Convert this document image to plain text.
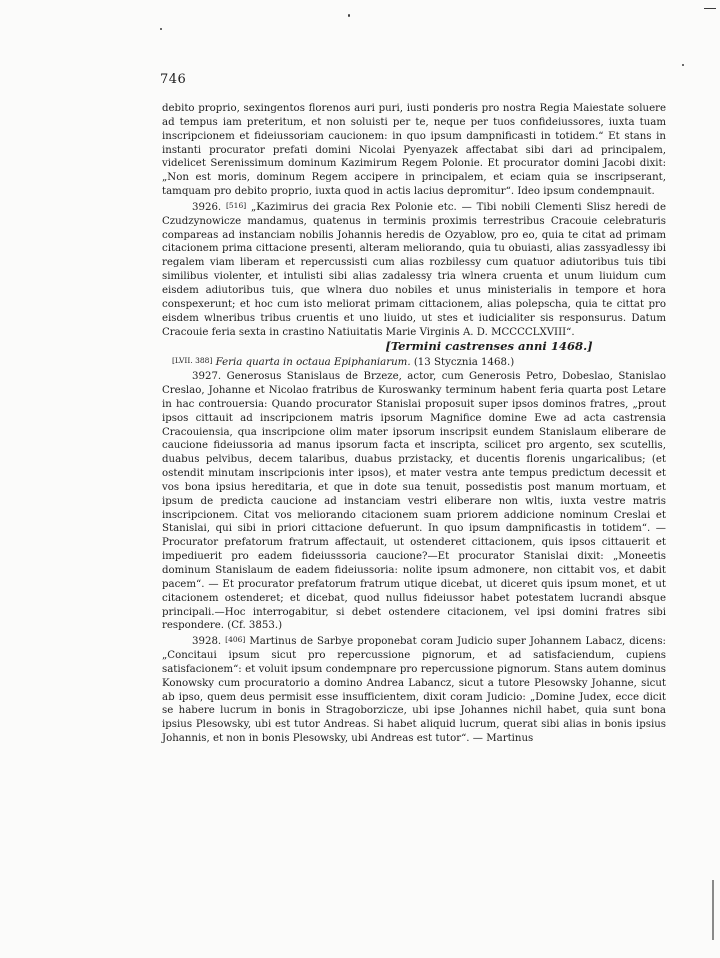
746

debito proprio, sexingentos florenos auri puri, iusti ponderis pro nostra Regia Maiestate soluere ad tempus iam preteritum, et non soluisti per te, neque per tuos confideiussores, iuxta tuam inscripcionem et fideiussoriam caucionem: in quo ipsum dampnificasti in totidem.“ Et stans in instanti procurator prefati domini Nicolai Pyenyazek affectabat sibi dari ad principalem, videlicet Serenissimum dominum Kazimirum Regem Polonie. Et procurator domini Jacobi dixit: „Non est moris, dominum Regem accipere in principalem, et eciam quia se inscripserant, tamquam pro debito proprio, iuxta quod in actis lacius depromitur“. Ideo ipsum condempnauit.

3926. [516] „Kazimirus dei gracia Rex Polonie etc. — Tibi nobili Clementi Slisz heredi de Czudzynowicze mandamus, quatenus in terminis proximis terrestribus Cracouie celebraturis compareas ad instanciam nobilis Johannis heredis de Ozyablow, pro eo, quia te citat ad primam citacionem prima cittacione presenti, alteram meliorando, quia tu obuiasti, alias zassyadlessy ibi regalem viam liberam et repercussisti cum alias rozbilessy cum quatuor adiutoribus tuis tibi similibus violenter, et intulisti sibi alias zadalessy tria wlnera cruenta et unum liuidum cum eisdem adiutoribus tuis, que wlnera duo nobiles et unus ministerialis in tempore et hora conspexerunt; et hoc cum isto meliorat primam cittacionem, alias polepscha, quia te cittat pro eisdem wlneribus tribus cruentis et uno liuido, ut stes et iudicialiter sis responsurus. Datum Cracouie feria sexta in crastino Natiuitatis Marie Virginis A. D. MCCCCLXVIII“.

[Termini castrenses anni 1468.]

[LVII. 388] Feria quarta in octaua Epiphaniarum. (13 Stycznia 1468.)

3927. Generosus Stanislaus de Brzeze, actor, cum Generosis Petro, Dobeslao, Stanislao Creslao, Johanne et Nicolao fratribus de Kuroswanky terminum habent feria quarta post Letare in hac controuersia: Quando procurator Stanislai proposuit super ipsos dominos fratres, „prout ipsos cittauit ad inscripcionem matris ipsorum Magnifice domine Ewe ad acta castrensia Cracouiensia, qua inscripcione olim mater ipsorum inscripsit eundem Stanislaum eliberare de caucione fideiussoria ad manus ipsorum facta et inscripta, scilicet pro argento, sex scutellis, duabus pelvibus, decem talaribus, duabus przistacky, et ducentis florenis ungaricalibus; (et ostendit minutam inscripcionis inter ipsos), et mater vestra ante tempus predictum decessit et vos bona ipsius hereditaria, et que in dote sua tenuit, possedistis post manum mortuam, et ipsum de predicta caucione ad instanciam vestri eliberare non wltis, iuxta vestre matris inscripcionem. Citat vos meliorando citacionem suam priorem addicione nominum Creslai et Stanislai, qui sibi in priori cittacione defuerunt. In quo ipsum dampnificastis in totidem“. — Procurator prefatorum fratrum affectauit, ut ostenderet cittacionem, quis ipsos cittauerit et impediuerit pro eadem fideiusssoria caucione?—Et procurator Stanislai dixit: „Moneetis dominum Stanislaum de eadem fideiussoria: nolite ipsum admonere, non cittabit vos, et dabit pacem“. — Et procurator prefatorum fratrum utique dicebat, ut diceret quis ipsum monet, et ut citacionem ostenderet; et dicebat, quod nullus fideiussor habet potestatem lucrandi absque principali.—Hoc interrogabitur, si debet ostendere citacionem, vel ipsi domini fratres sibi respondere. (Cf. 3853.)

3928. [406] Martinus de Sarbye proponebat coram Judicio super Johannem Labacz, dicens: „Concitaui ipsum sicut pro repercussione pignorum, et ad satisfaciendum, cupiens satisfacionem“: et voluit ipsum condempnare pro repercussione pignorum. Stans autem dominus Konowsky cum procuratorio a domino Andrea Labancz, sicut a tutore Plesowsky Johanne, sicut ab ipso, quem deus permisit esse insufficientem, dixit coram Judicio: „Domine Judex, ecce dicit se habere lucrum in bonis in Stragoborzicze, ubi ipse Johannes nichil habet, quia sunt bona ipsius Plesowsky, ubi est tutor Andreas. Si habet aliquid lucrum, querat sibi alias in bonis ipsius Johannis, et non in bonis Plesowsky, ubi Andreas est tutor“. — Martinus
